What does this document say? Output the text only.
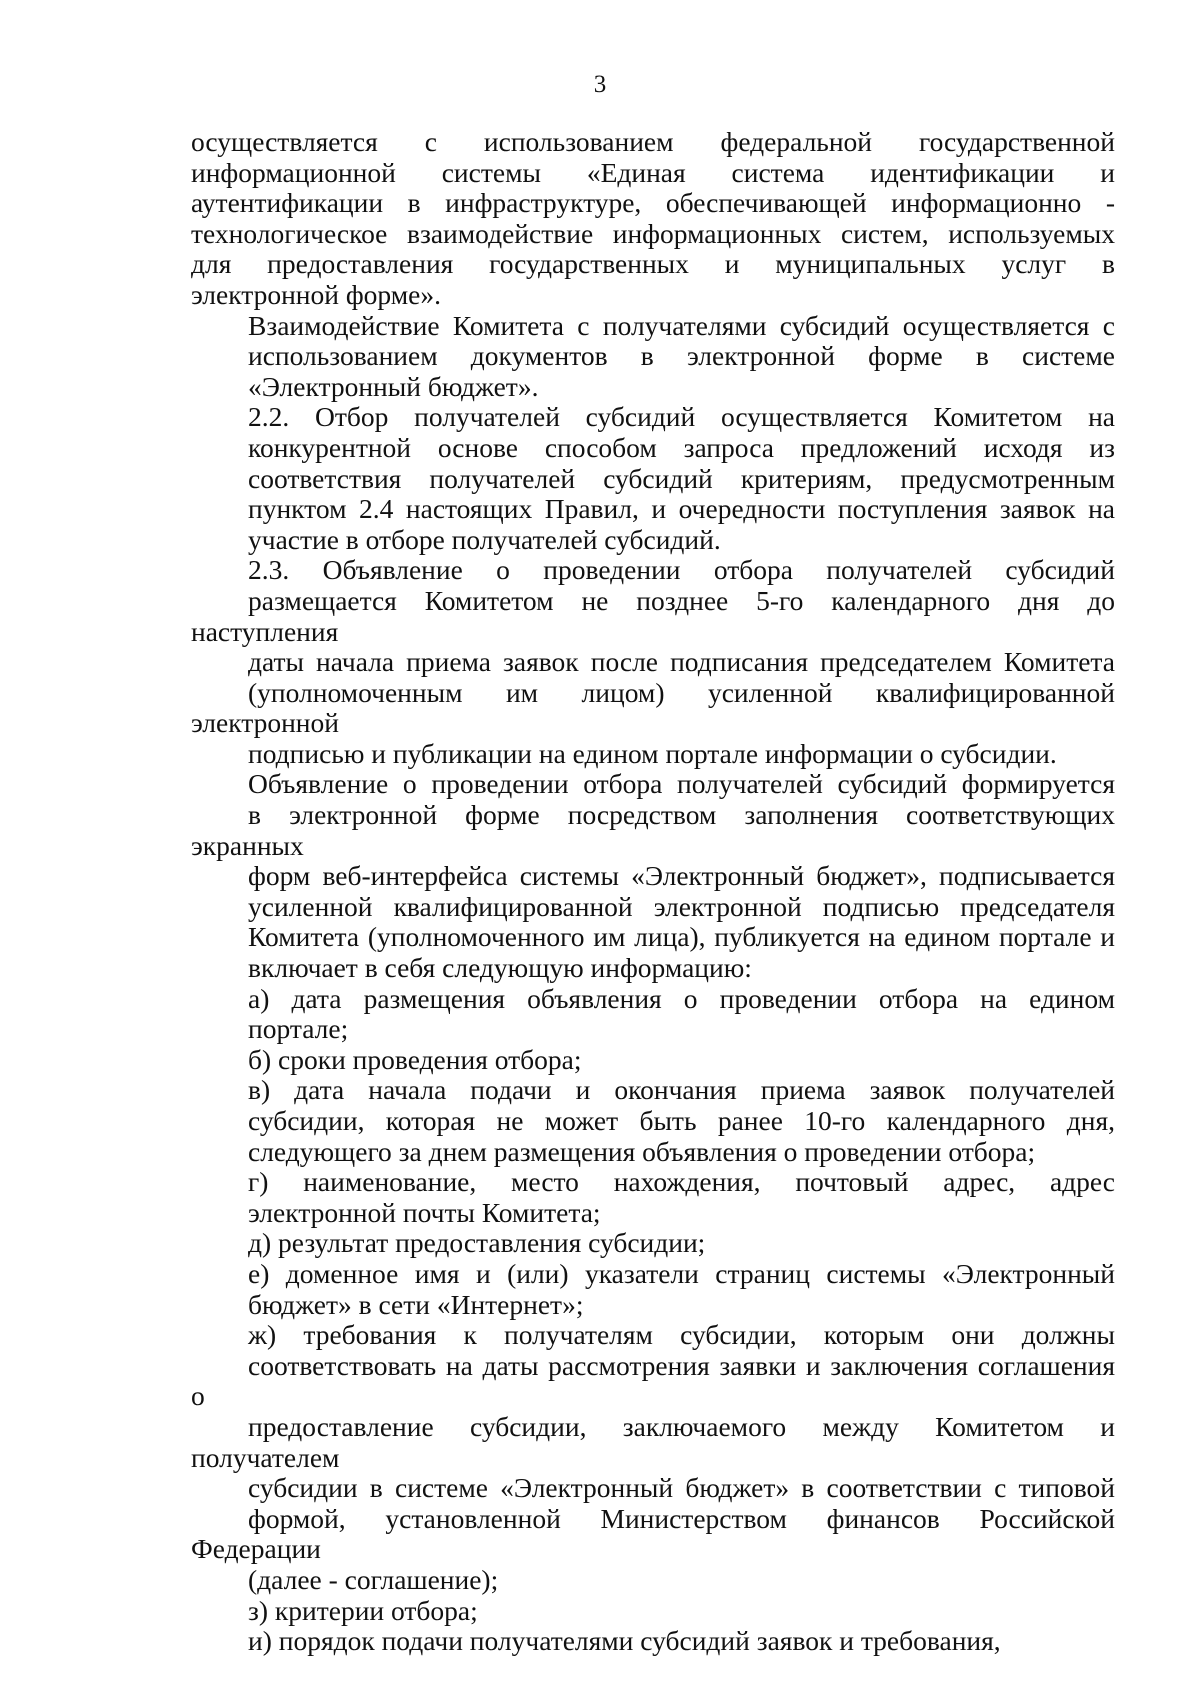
3

осуществляется с использованием федеральной государственной
информационной системы «Единая система идентификации и
аутентификации в инфраструктуре, обеспечивающей информационно -
технологическое взаимодействие информационных систем, используемых
для предоставления государственных и муниципальных услуг в
электронной форме».

Взаимодействие Комитета с получателями субсидий осуществляется с
использованием документов в электронной форме в системе
«Электронный бюджет».

2.2. Отбор получателей субсидий осуществляется Комитетом на
конкурентной основе способом запроса предложений исходя из
соответствия получателей субсидий критериям, предусмотренным
пунктом 2.4 настоящих Правил, и очередности поступления заявок на
участие в отборе получателей субсидий.

2.3. Объявление о проведении отбора получателей субсидий
размещается Комитетом не позднее 5-го календарного дня до наступления
даты начала приема заявок после подписания председателем Комитета
(уполномоченным им лицом) усиленной квалифицированной электронной
подписью и публикации на едином портале информации о субсидии.

Объявление о проведении отбора получателей субсидий формируется
в электронной форме посредством заполнения соответствующих экранных
форм веб-интерфейса системы «Электронный бюджет», подписывается
усиленной квалифицированной электронной подписью председателя
Комитета (уполномоченного им лица), публикуется на едином портале и
включает в себя следующую информацию:

а) дата размещения объявления о проведении отбора на едином
портале;

б) сроки проведения отбора;

в) дата начала подачи и окончания приема заявок получателей
субсидии, которая не может быть ранее 10-го календарного дня,
следующего за днем размещения объявления о проведении отбора;

г) наименование, место нахождения, почтовый адрес, адрес
электронной почты Комитета;

д) результат предоставления субсидии;

е) доменное имя и (или) указатели страниц системы «Электронный
бюджет» в сети «Интернет»;

ж) требования к получателям субсидии, которым они должны
соответствовать на даты рассмотрения заявки и заключения соглашения о
предоставление субсидии, заключаемого между Комитетом и получателем
субсидии в системе «Электронный бюджет» в соответствии с типовой
формой, установленной Министерством финансов Российской Федерации
(далее - соглашение);

з) критерии отбора;

и) порядок подачи получателями субсидий заявок и требования,
